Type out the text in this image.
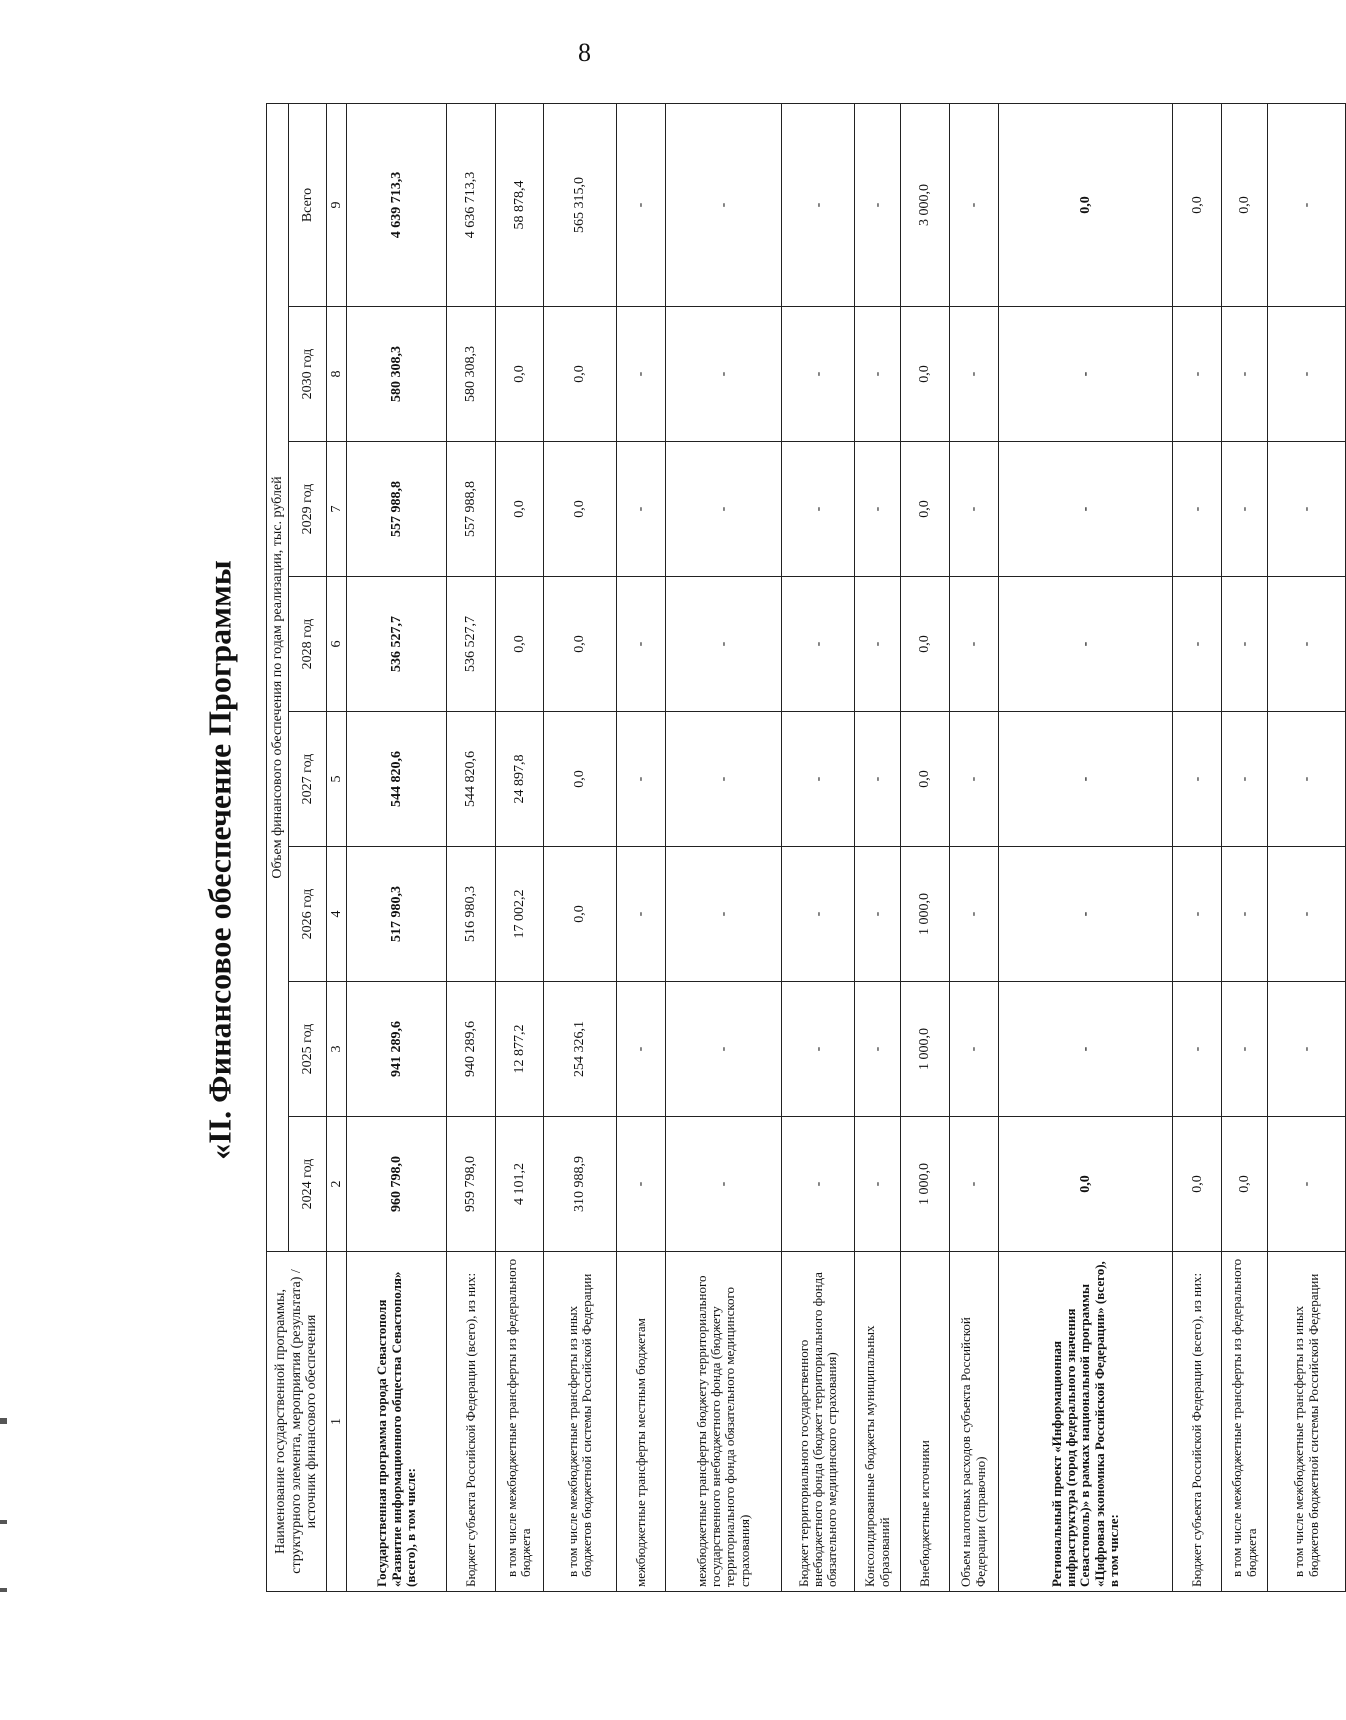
8
«II. Финансовое обеспечение Программы
Наименование государственной программы, структурного элемента, мероприятия (результата) / источник финансового обеспечения	Объем финансового обеспечения по годам реализации, тыс. рублей							
	2024 год	2025 год	2026 год	2027 год	2028 год	2029 год	2030 год	Всего
1	2	3	4	5	6	7	8	9
Государственная программа города Севастополя «Развитие информационного общества Севастополя» (всего), в том числе:	960 798,0	941 289,6	517 980,3	544 820,6	536 527,7	557 988,8	580 308,3	4 639 713,3
Бюджет субъекта Российской Федерации (всего), из них:	959 798,0	940 289,6	516 980,3	544 820,6	536 527,7	557 988,8	580 308,3	4 636 713,3
в том числе межбюджетные трансферты из федерального бюджета	4 101,2	12 877,2	17 002,2	24 897,8	0,0	0,0	0,0	58 878,4
в том числе межбюджетные трансферты из иных бюджетов бюджетной системы Российской Федерации	310 988,9	254 326,1	0,0	0,0	0,0	0,0	0,0	565 315,0
межбюджетные трансферты местным бюджетам	-	-	-	-	-	-	-	-
межбюджетные трансферты бюджету территориального государственного внебюджетного фонда (бюджету территориального фонда обязательного медицинского страхования)	-	-	-	-	-	-	-	-
Бюджет территориального государственного внебюджетного фонда (бюджет территориального фонда обязательного медицинского страхования)	-	-	-	-	-	-	-	-
Консолидированные бюджеты муниципальных образований	-	-	-	-	-	-	-	-
Внебюджетные источники	1 000,0	1 000,0	1 000,0	0,0	0,0	0,0	0,0	3 000,0
Объем налоговых расходов субъекта Российской Федерации (справочно)	-	-	-	-	-	-	-	-
Региональный проект «Информационная инфраструктура (город федерального значения Севастополь)» в рамках национальной программы «Цифровая экономика Российской Федерации» (всего), в том числе:	0,0	-	-	-	-	-	-	0,0
Бюджет субъекта Российской Федерации (всего), из них:	0,0	-	-	-	-	-	-	0,0
в том числе межбюджетные трансферты из федерального бюджета	0,0	-	-	-	-	-	-	0,0
в том числе межбюджетные трансферты из иных бюджетов бюджетной системы Российской Федерации	-	-	-	-	-	-	-	-
